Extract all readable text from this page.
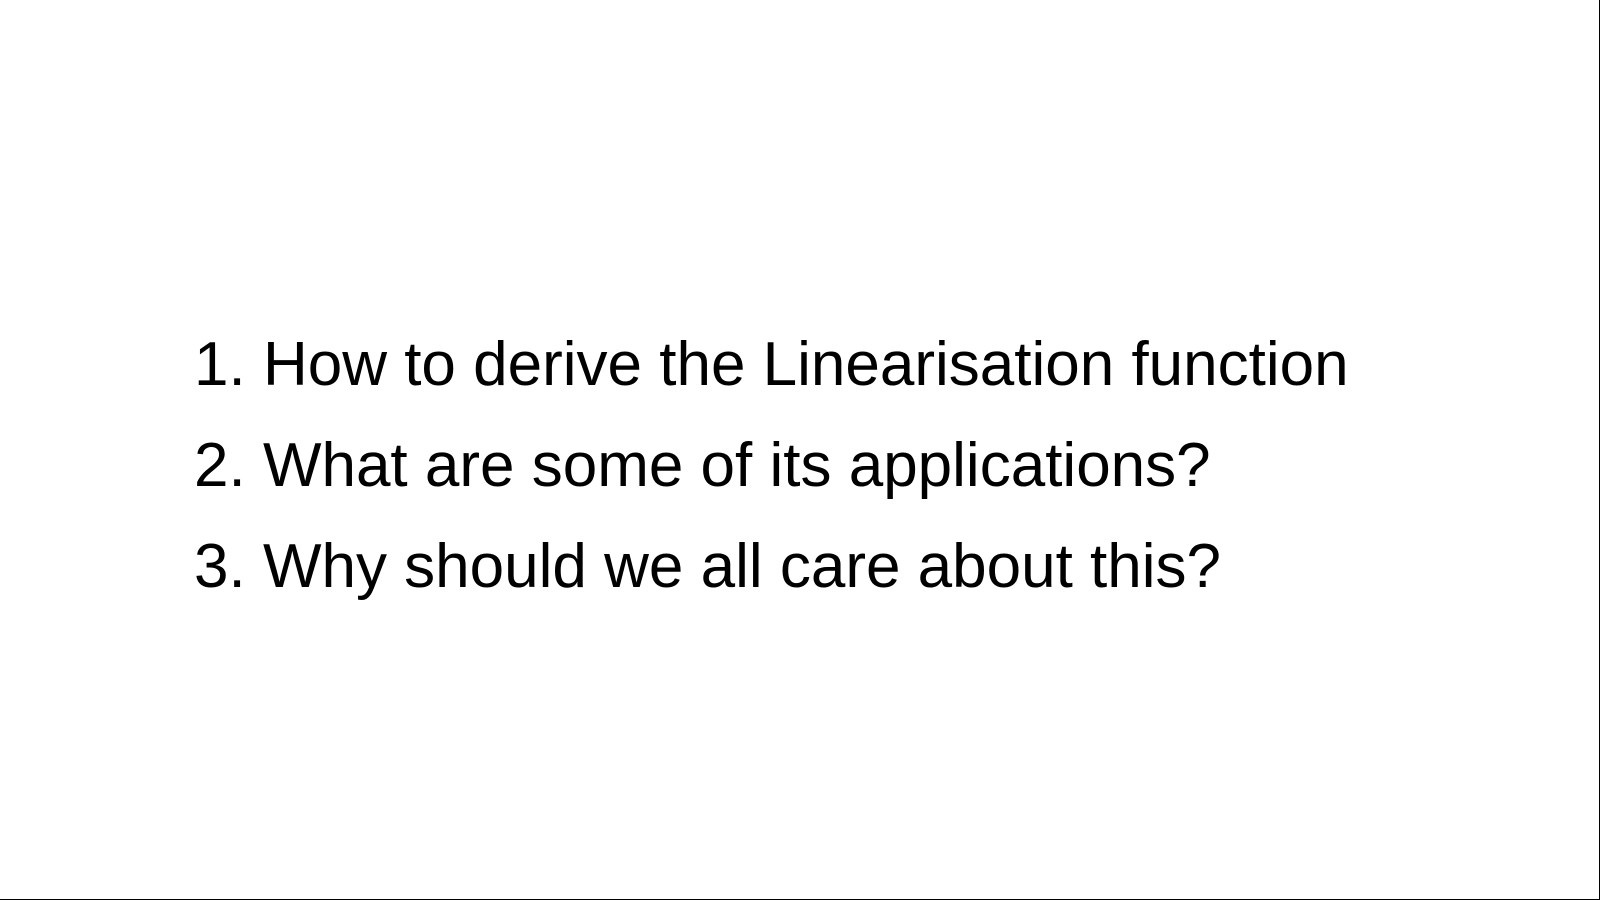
1. How to derive the Linearisation function
2. What are some of its applications?
3. Why should we all care about this?
